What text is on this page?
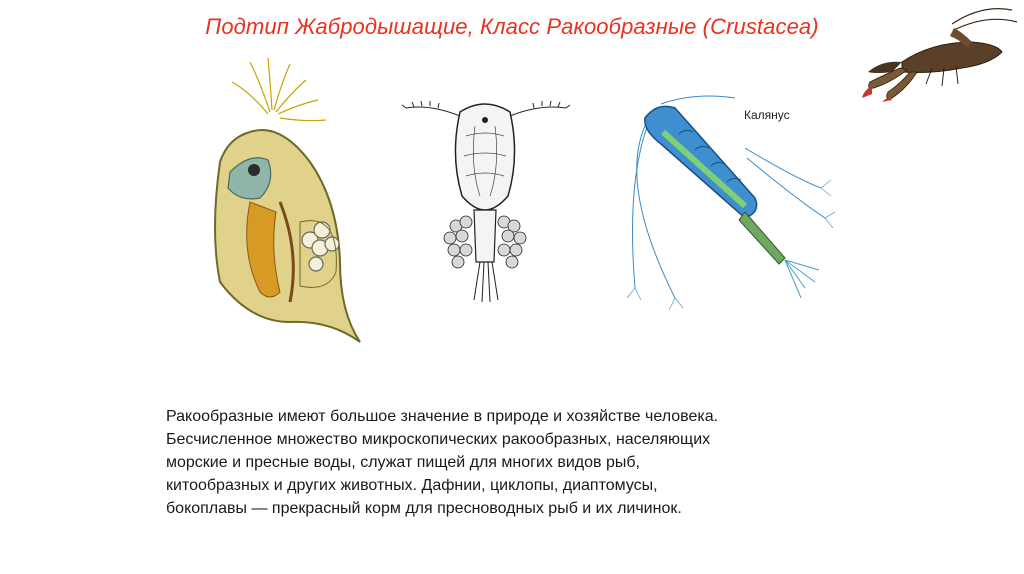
Подтип Жабродышащие, Класс Ракообразные (Crustacea)
Калянус
Ракообразные имеют большое значение в природе и хозяйстве человека.
Бесчисленное множество микроскопических ракообразных, населяющих
морские и пресные воды, служат пищей для многих видов рыб,
китообразных и других животных. Дафнии, циклопы, диаптомусы,
бокоплавы — прекрасный корм для пресноводных рыб и их личинок.
